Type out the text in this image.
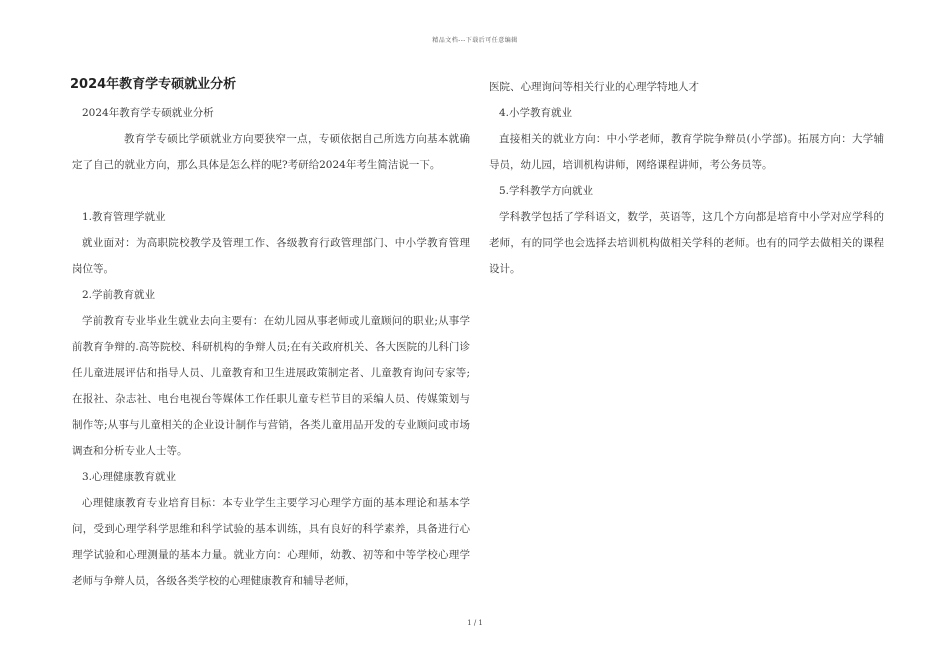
精品文档---下载后可任意编辑
2024年教育学专硕就业分析

2024年教育学专硕就业分析

教育学专硕比学硕就业方向要狭窄一点，专硕依据自己所选方向基本就确定了自己的就业方向，那么具体是怎么样的呢?考研给2024年考生简洁说一下。

1.教育管理学就业

就业面对：为高职院校教学及管理工作、各级教育行政管理部门、中小学教育管理岗位等。

2.学前教育就业

学前教育专业毕业生就业去向主要有：在幼儿园从事老师或儿童顾问的职业;从事学前教育争辩的.高等院校、科研机构的争辩人员;在有关政府机关、各大医院的儿科门诊任儿童进展评估和指导人员、儿童教育和卫生进展政策制定者、儿童教育询问专家等;在报社、杂志社、电台电视台等媒体工作任职儿童专栏节目的采编人员、传媒策划与制作等;从事与儿童相关的企业设计制作与营销，各类儿童用品开发的专业顾问或市场调查和分析专业人士等。

3.心理健康教育就业

心理健康教育专业培育目标：本专业学生主要学习心理学方面的基本理论和基本学问，受到心理学科学思维和科学试验的基本训练，具有良好的科学素养，具备进行心理学试验和心理测量的基本力量。就业方向：心理师，幼教、初等和中等学校心理学老师与争辩人员，各级各类学校的心理健康教育和辅导老师，

医院、心理询问等相关行业的心理学特地人才

4.小学教育就业

直接相关的就业方向：中小学老师，教育学院争辩员(小学部)。拓展方向：大学辅导员，幼儿园，培训机构讲师，网络课程讲师，考公务员等。

5.学科教学方向就业

学科教学包括了学科语文，数学，英语等，这几个方向都是培育中小学对应学科的老师，有的同学也会选择去培训机构做相关学科的老师。也有的同学去做相关的课程设计。

1 / 1
